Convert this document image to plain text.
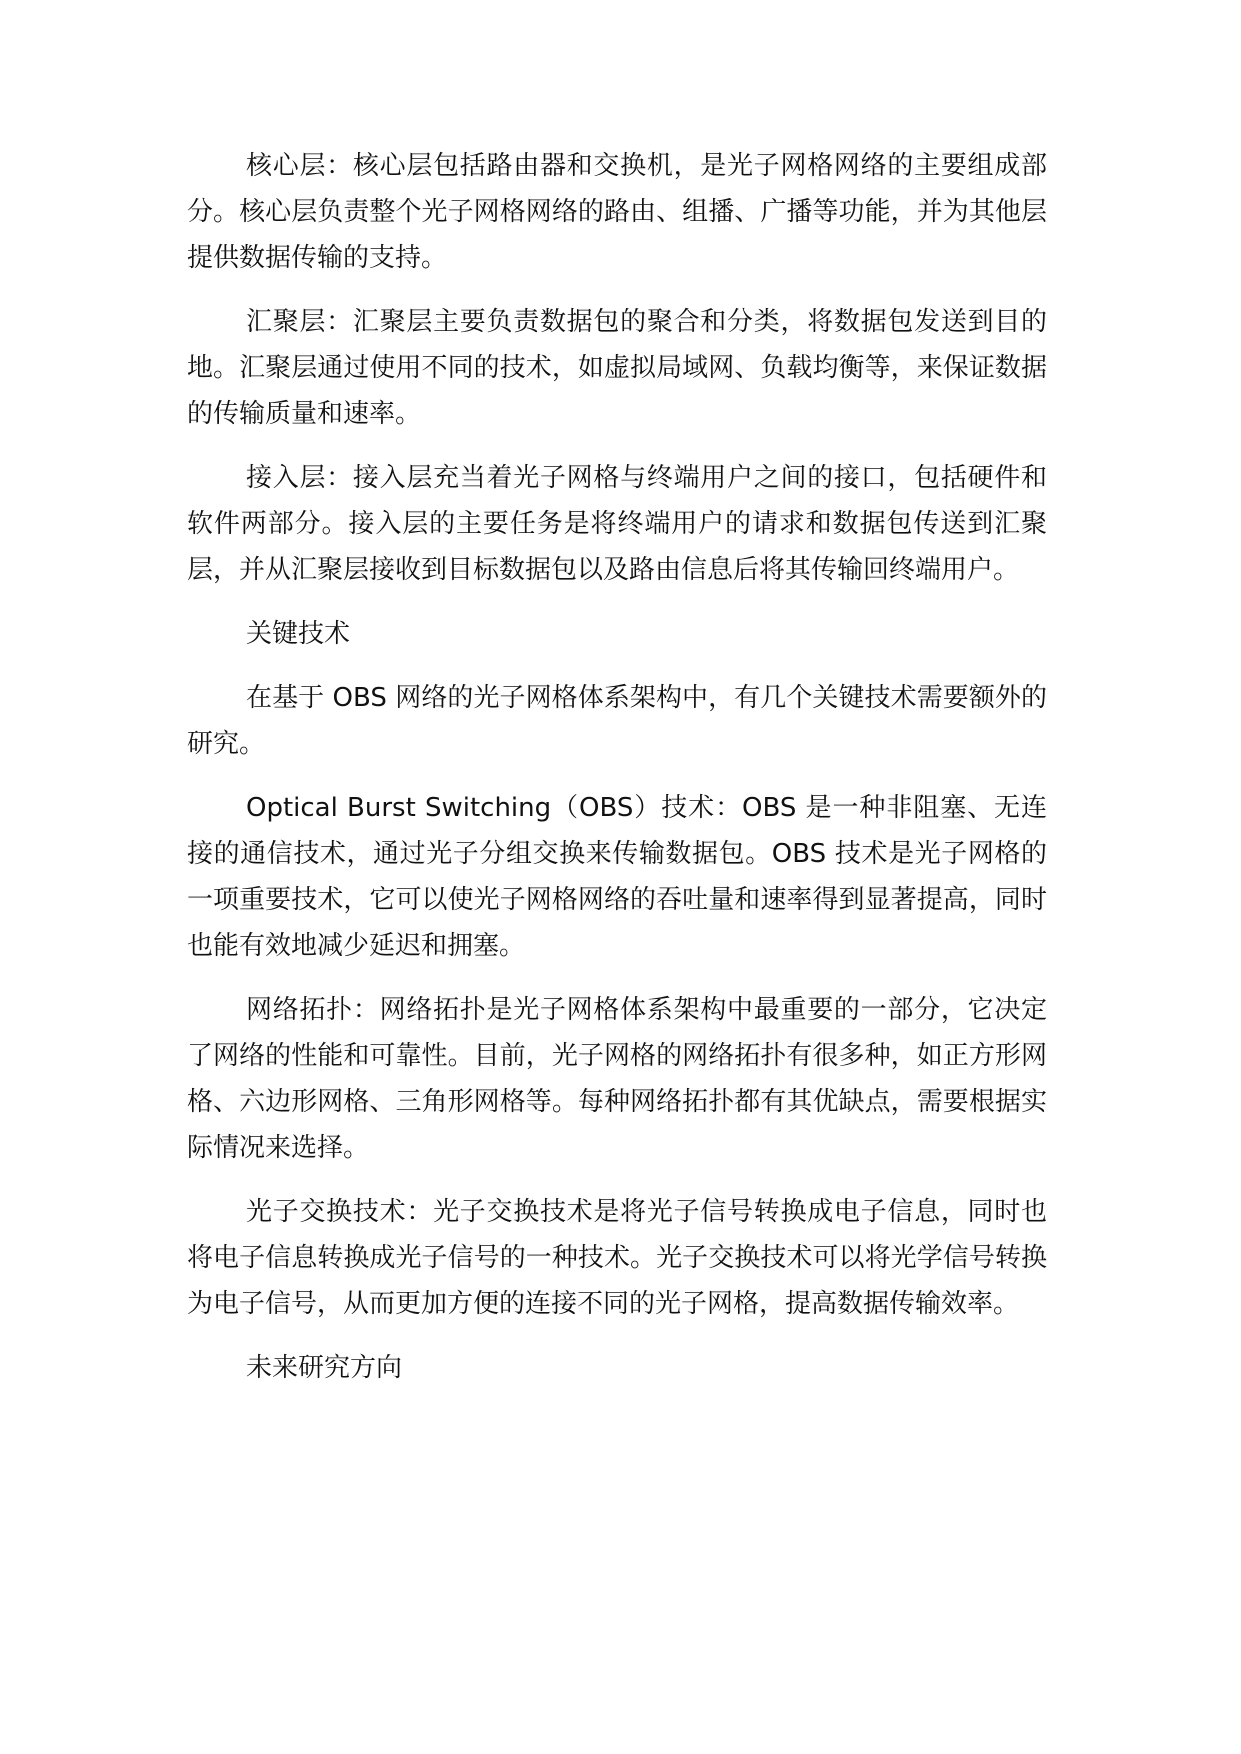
核心层：核心层包括路由器和交换机，是光子网格网络的主要组成部分。核心层负责整个光子网格网络的路由、组播、广播等功能，并为其他层提供数据传输的支持。

汇聚层：汇聚层主要负责数据包的聚合和分类，将数据包发送到目的地。汇聚层通过使用不同的技术，如虚拟局域网、负载均衡等，来保证数据的传输质量和速率。

接入层：接入层充当着光子网格与终端用户之间的接口，包括硬件和软件两部分。接入层的主要任务是将终端用户的请求和数据包传送到汇聚层，并从汇聚层接收到目标数据包以及路由信息后将其传输回终端用户。

关键技术

在基于 OBS 网络的光子网格体系架构中，有几个关键技术需要额外的研究。

Optical Burst Switching（OBS）技术：OBS 是一种非阻塞、无连接的通信技术，通过光子分组交换来传输数据包。OBS 技术是光子网格的一项重要技术，它可以使光子网格网络的吞吐量和速率得到显著提高，同时也能有效地减少延迟和拥塞。

网络拓扑：网络拓扑是光子网格体系架构中最重要的一部分，它决定了网络的性能和可靠性。目前，光子网格的网络拓扑有很多种，如正方形网格、六边形网格、三角形网格等。每种网络拓扑都有其优缺点，需要根据实际情况来选择。

光子交换技术：光子交换技术是将光子信号转换成电子信息，同时也将电子信息转换成光子信号的一种技术。光子交换技术可以将光学信号转换为电子信号，从而更加方便的连接不同的光子网格，提高数据传输效率。

未来研究方向
